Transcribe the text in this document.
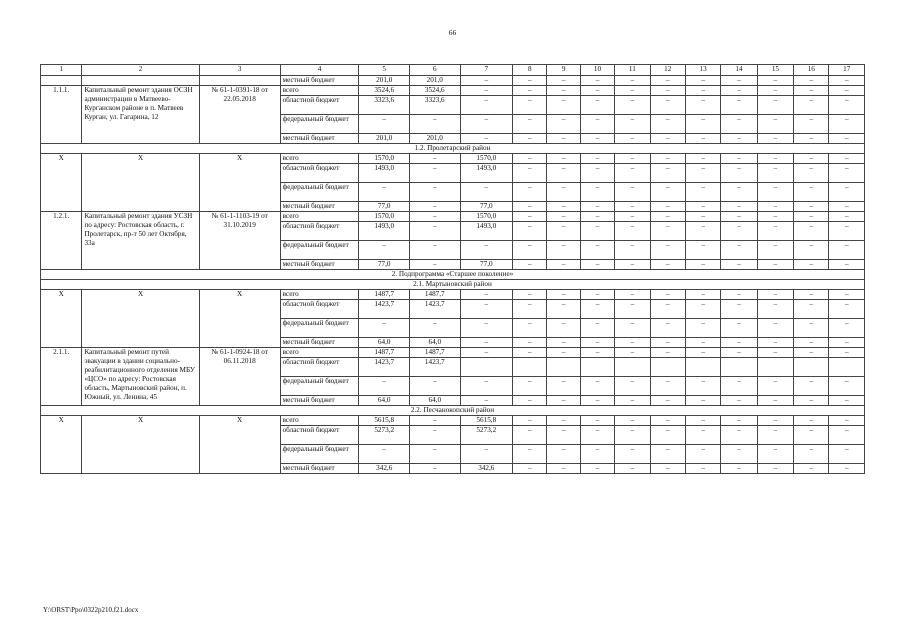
66
1	2	3	4	5	6	7	8	9	10	11	12	13	14	15	16	17
			местный бюджет	201,0	201,0	–	–	–	–	–	–	–	–	–	–	–
1.1.1.	Капитальный ремонт здания ОСЗН администрации в Матвеево-Курганском районе в п. Матвеев Курган, ул. Гагарина, 12	№ 61-1-0391-18 от 22.05.2018	всего	3524,6	3524,6	–	–	–	–	–	–	–	–	–	–	–
			областной бюджет	3323,6	3323,6	–	–	–	–	–	–	–	–	–	–	–
			федеральный бюджет	–	–	–	–	–	–	–	–	–	–	–	–	–
			местный бюджет	201,0	201,0	–	–	–	–	–	–	–	–	–	–	–
1.2. Пролетарский район																
Х	Х	Х	всего	1570,0	–	1570,0	–	–	–	–	–	–	–	–	–	–
			областной бюджет	1493,0	–	1493,0	–	–	–	–	–	–	–	–	–	–
			федеральный бюджет	–	–	–	–	–	–	–	–	–	–	–	–	–
			местный бюджет	77,0	–	77,0	–	–	–	–	–	–	–	–	–	–
1.2.1.	Капитальный ремонт здания УСЗН по адресу: Ростовская область, г. Пролетарск, пр-т 50 лет Октября, 33а	№ 61-1-1103-19 от 31.10.2019	всего	1570,0	–	1570,0	–	–	–	–	–	–	–	–	–	–
			областной бюджет	1493,0	–	1493,0	–	–	–	–	–	–	–	–	–	–
			федеральный бюджет	–	–	–	–	–	–	–	–	–	–	–	–	–
			местный бюджет	77,0	–	77,0	–	–	–	–	–	–	–	–	–	–
2. Подпрограмма «Старшее поколение»																
2.1. Мартыновский район																
Х	Х	Х	всего	1487,7	1487,7	–	–	–	–	–	–	–	–	–	–	–
			областной бюджет	1423,7	1423,7	–	–	–	–	–	–	–	–	–	–	–
			федеральный бюджет	–	–	–	–	–	–	–	–	–	–	–	–	–
			местный бюджет	64,0	64,0	–	–	–	–	–	–	–	–	–	–	–
2.1.1.	Капитальный ремонт путей эвакуации в здании социально-реабилитационного отделения МБУ «ЦСО» по адресу: Ростовская область, Мартыновский район, п. Южный, ул. Ленина, 45	№ 61-1-0924-18 от 06.11.2018	всего	1487,7	1487,7	–	–	–	–	–	–	–	–	–	–	–
			областной бюджет	1423,7	1423,7											
			федеральный бюджет	–	–	–	–	–	–	–	–	–	–	–	–	–
			местный бюджет	64,0	64,0	–	–	–	–	–	–	–	–	–	–	–
2.2. Песчанокопский район																
Х	Х	Х	всего	5615,8	–	5615,8	–	–	–	–	–	–	–	–	–	–
			областной бюджет	5273,2	–	5273,2	–	–	–	–	–	–	–	–	–	–
			федеральный бюджет	–	–	–	–	–	–	–	–	–	–	–	–	–
			местный бюджет	342,6	–	342,6	–	–	–	–	–	–	–	–	–	–
Y:\ORST\Ppo\0322p210.f21.docx
